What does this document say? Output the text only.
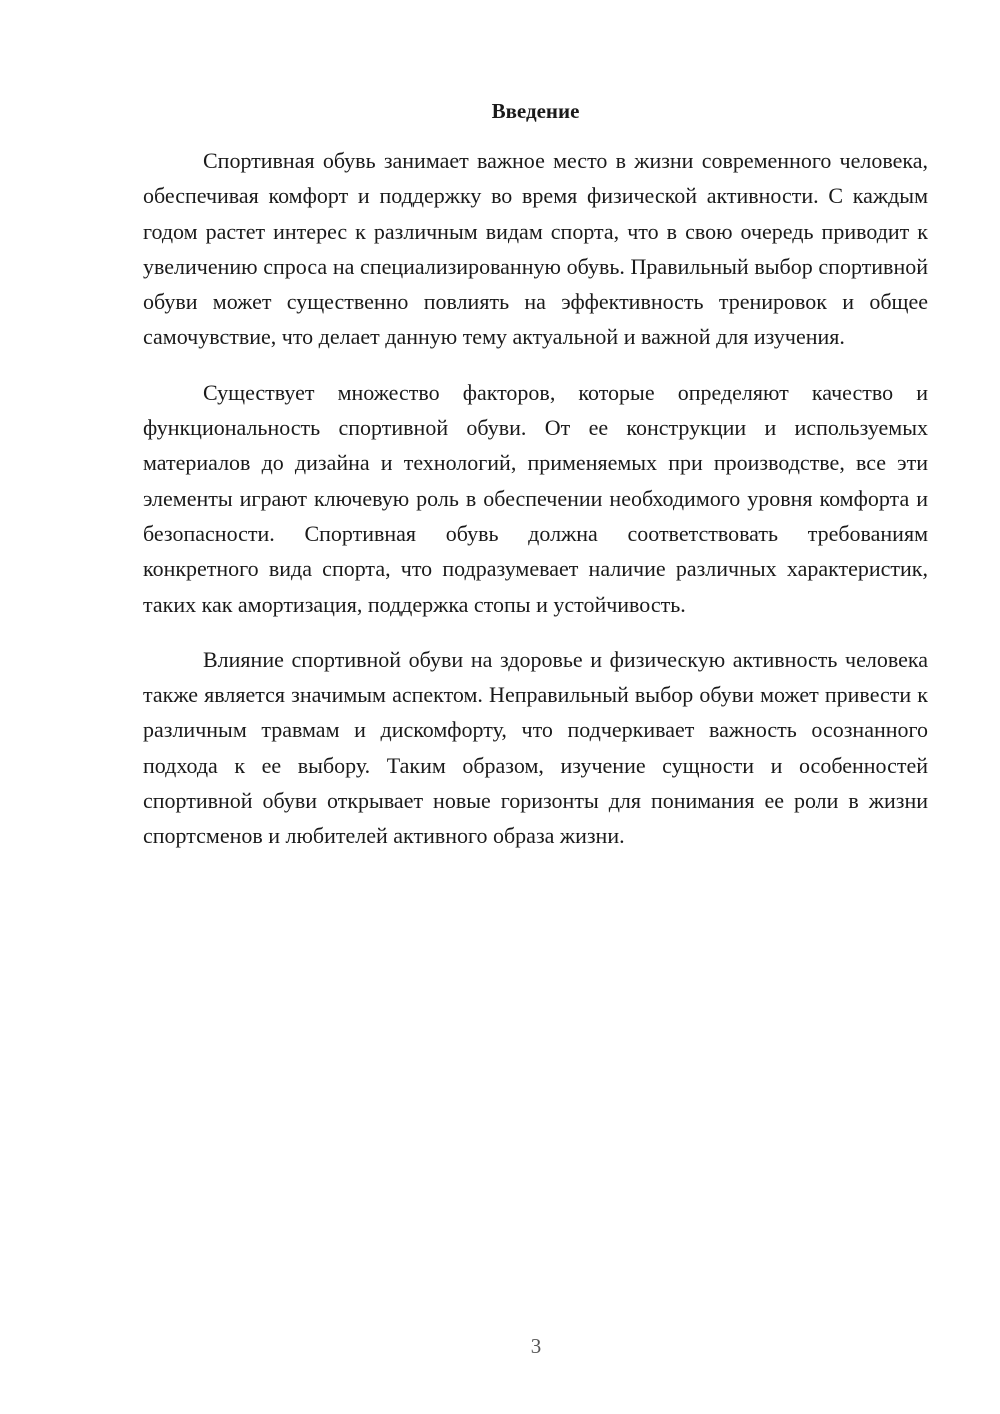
Введение

Спортивная обувь занимает важное место в жизни современного человека, обеспечивая комфорт и поддержку во время физической активности. С каждым годом растет интерес к различным видам спорта, что в свою очередь приводит к увеличению спроса на специализированную обувь. Правильный выбор спортивной обуви может существенно повлиять на эффективность тренировок и общее самочувствие, что делает данную тему актуальной и важной для изучения.

Существует множество факторов, которые определяют качество и функциональность спортивной обуви. От ее конструкции и используемых материалов до дизайна и технологий, применяемых при производстве, все эти элементы играют ключевую роль в обеспечении необходимого уровня комфорта и безопасности. Спортивная обувь должна соответствовать требованиям конкретного вида спорта, что подразумевает наличие различных характеристик, таких как амортизация, поддержка стопы и устойчивость.

Влияние спортивной обуви на здоровье и физическую активность человека также является значимым аспектом. Неправильный выбор обуви может привести к различным травмам и дискомфорту, что подчеркивает важность осознанного подхода к ее выбору. Таким образом, изучение сущности и особенностей спортивной обуви открывает новые горизонты для понимания ее роли в жизни спортсменов и любителей активного образа жизни.

3
